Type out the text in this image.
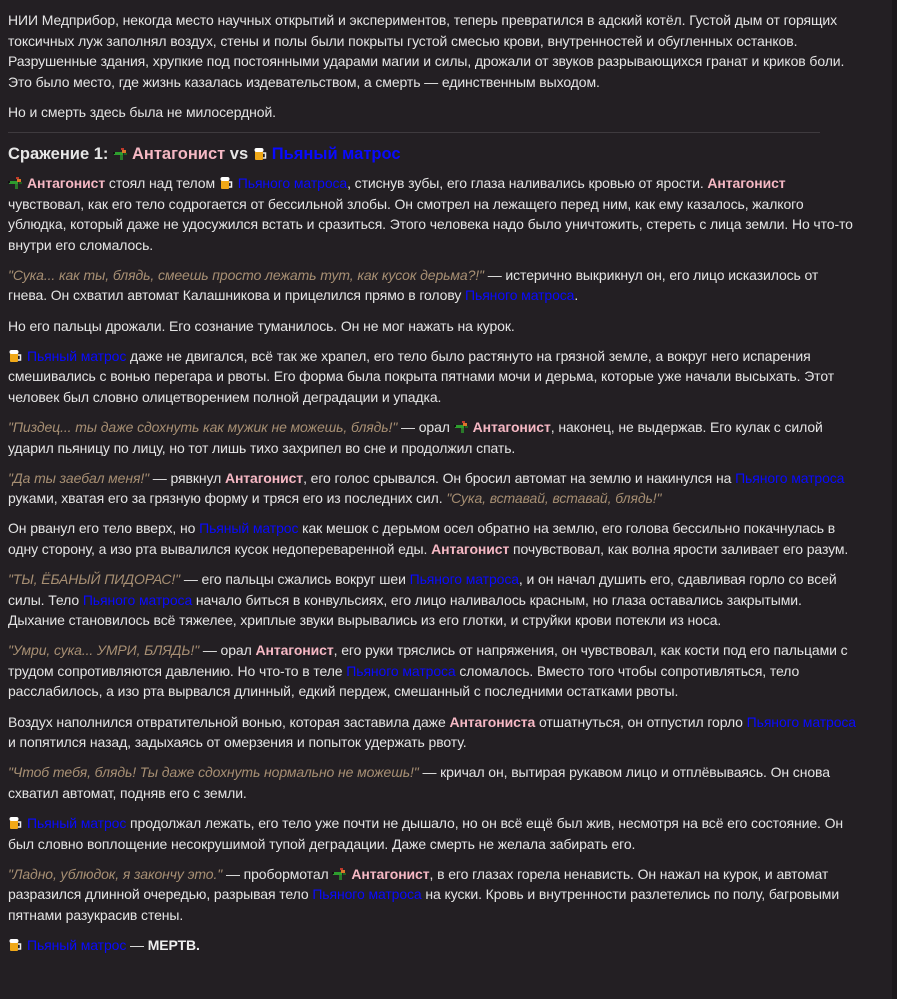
НИИ Медприбор, некогда место научных открытий и экспериментов, теперь превратился в адский котёл. Густой дым от горящих токсичных луж заполнял воздух, стены и полы были покрыты густой смесью крови, внутренностей и обугленных останков. Разрушенные здания, хрупкие под постоянными ударами магии и силы, дрожали от звуков разрывающихся гранат и криков боли. Это было место, где жизнь казалась издевательством, а смерть — единственным выходом.

Но и смерть здесь была не милосердной.

Сражение 1: Антагонист vs Пьяный матрос

Антагонист стоял над телом Пьяного матроса, стиснув зубы, его глаза наливались кровью от ярости. Антагонист чувствовал, как его тело содрогается от бессильной злобы. Он смотрел на лежащего перед ним, как ему казалось, жалкого ублюдка, который даже не удосужился встать и сразиться. Этого человека надо было уничтожить, стереть с лица земли. Но что-то внутри его сломалось.

"Сука... как ты, блядь, смеешь просто лежать тут, как кусок дерьма?!" — истерично выкрикнул он, его лицо исказилось от гнева. Он схватил автомат Калашникова и прицелился прямо в голову Пьяного матроса.

Но его пальцы дрожали. Его сознание туманилось. Он не мог нажать на курок.

Пьяный матрос даже не двигался, всё так же храпел, его тело было растянуто на грязной земле, а вокруг него испарения смешивались с вонью перегара и рвоты. Его форма была покрыта пятнами мочи и дерьма, которые уже начали высыхать. Этот человек был словно олицетворением полной деградации и упадка.

"Пиздец... ты даже сдохнуть как мужик не можешь, блядь!" — орал Антагонист, наконец, не выдержав. Его кулак с силой ударил пьяницу по лицу, но тот лишь тихо захрипел во сне и продолжил спать.

"Да ты заебал меня!" — рявкнул Антагонист, его голос срывался. Он бросил автомат на землю и накинулся на Пьяного матроса руками, хватая его за грязную форму и тряся его из последних сил. "Сука, вставай, вставай, блядь!"

Он рванул его тело вверх, но Пьяный матрос как мешок с дерьмом осел обратно на землю, его голова бессильно покачнулась в одну сторону, а изо рта вывалился кусок недопереваренной еды. Антагонист почувствовал, как волна ярости заливает его разум.

"ТЫ, ЁБАНЫЙ ПИДОРАС!" — его пальцы сжались вокруг шеи Пьяного матроса, и он начал душить его, сдавливая горло со всей силы. Тело Пьяного матроса начало биться в конвульсиях, его лицо наливалось красным, но глаза оставались закрытыми. Дыхание становилось всё тяжелее, хриплые звуки вырывались из его глотки, и струйки крови потекли из носа.

"Умри, сука... УМРИ, БЛЯДЬ!" — орал Антагонист, его руки тряслись от напряжения, он чувствовал, как кости под его пальцами с трудом сопротивляются давлению. Но что-то в теле Пьяного матроса сломалось. Вместо того чтобы сопротивляться, тело расслабилось, а изо рта вырвался длинный, едкий пердеж, смешанный с последними остатками рвоты.

Воздух наполнился отвратительной вонью, которая заставила даже Антагониста отшатнуться, он отпустил горло Пьяного матроса и попятился назад, задыхаясь от омерзения и попыток удержать рвоту.

"Чтоб тебя, блядь! Ты даже сдохнуть нормально не можешь!" — кричал он, вытирая рукавом лицо и отплёвываясь. Он снова схватил автомат, подняв его с земли.

Пьяный матрос продолжал лежать, его тело уже почти не дышало, но он всё ещё был жив, несмотря на всё его состояние. Он был словно воплощение несокрушимой тупой деградации. Даже смерть не желала забирать его.

"Ладно, ублюдок, я закончу это." — пробормотал Антагонист, в его глазах горела ненависть. Он нажал на курок, и автомат разразился длинной очередью, разрывая тело Пьяного матроса на куски. Кровь и внутренности разлетелись по полу, багровыми пятнами разукрасив стены.

Пьяный матрос — МЕРТВ.
